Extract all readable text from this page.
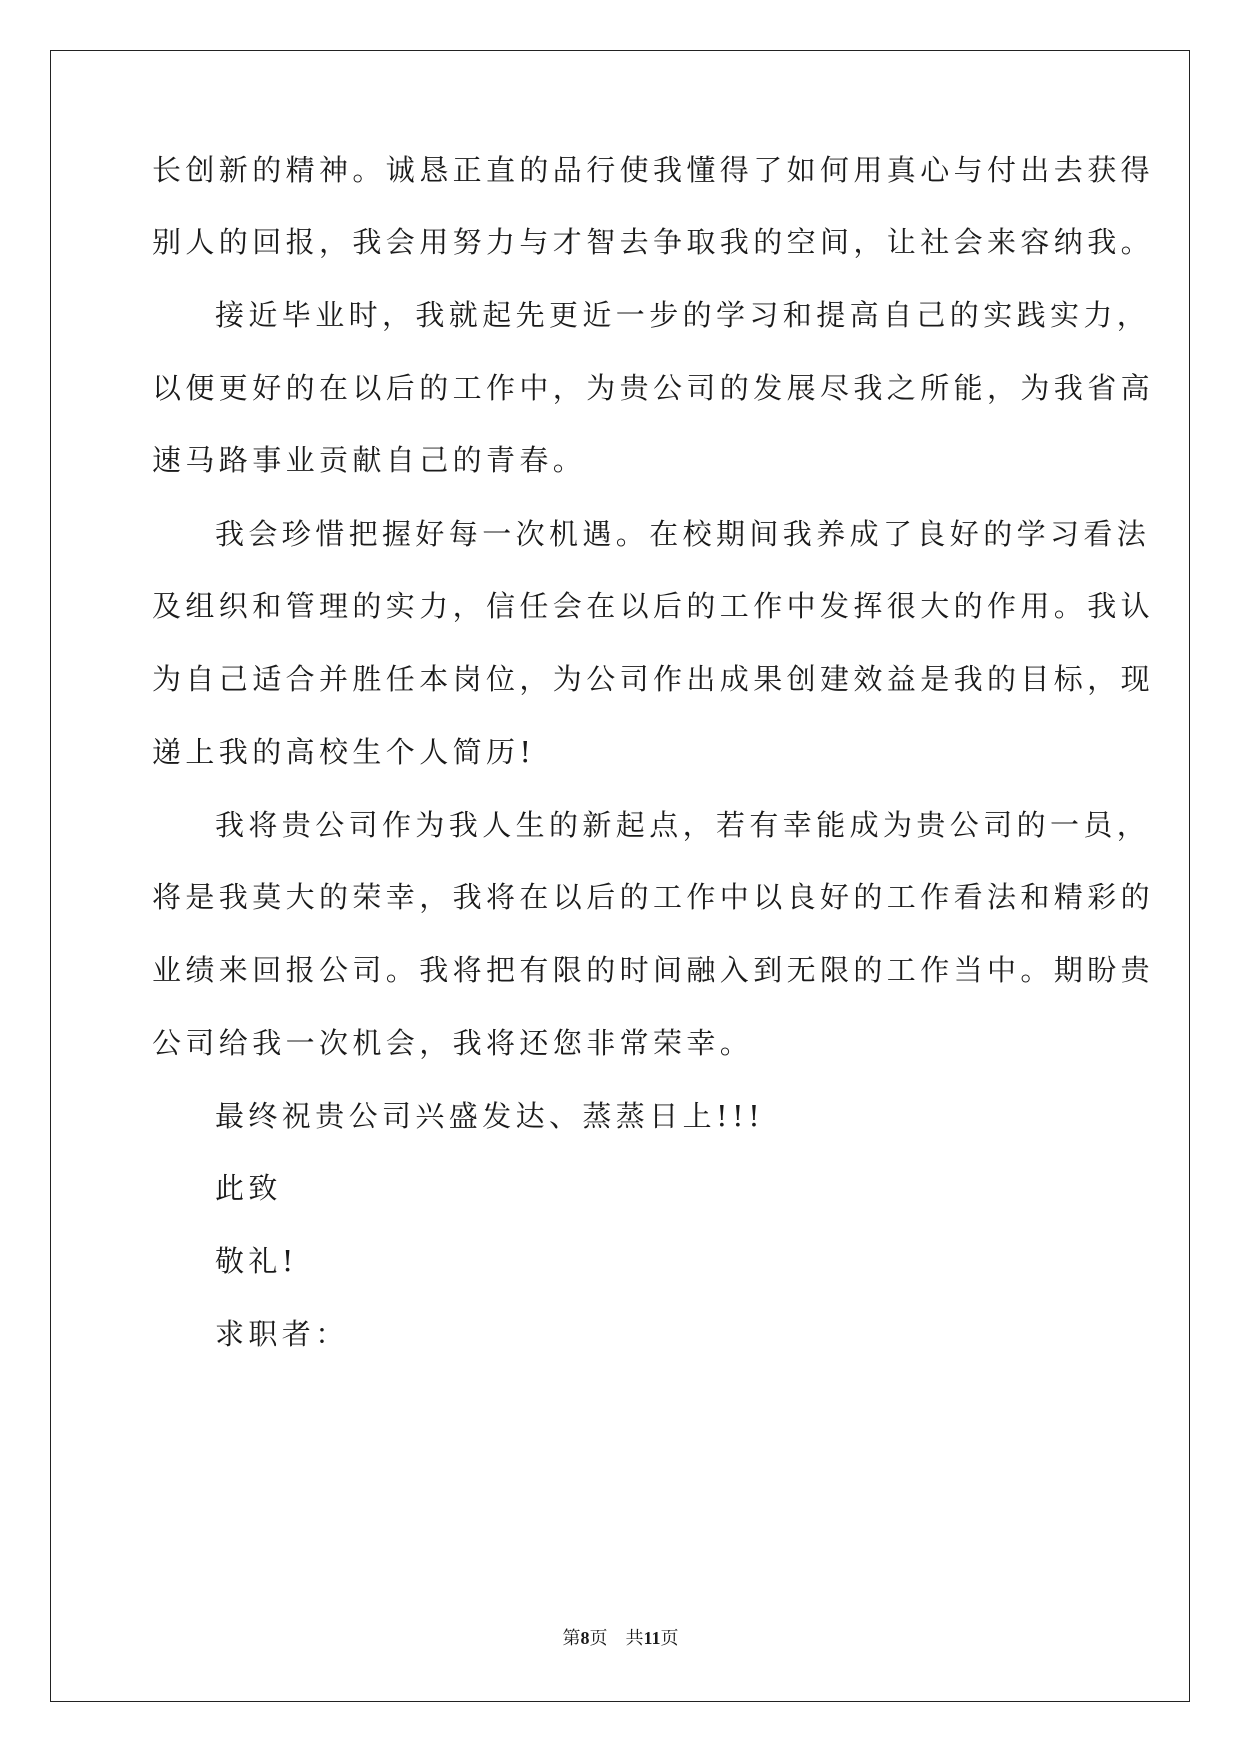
长创新的精神。诚恳正直的品行使我懂得了如何用真心与付出去获得
别人的回报，我会用努力与才智去争取我的空间，让社会来容纳我。
接近毕业时，我就起先更近一步的学习和提高自己的实践实力，
以便更好的在以后的工作中，为贵公司的发展尽我之所能，为我省高
速马路事业贡献自己的青春。
我会珍惜把握好每一次机遇。在校期间我养成了良好的学习看法
及组织和管理的实力，信任会在以后的工作中发挥很大的作用。我认
为自己适合并胜任本岗位，为公司作出成果创建效益是我的目标，现
递上我的高校生个人简历!
我将贵公司作为我人生的新起点，若有幸能成为贵公司的一员，
将是我莫大的荣幸，我将在以后的工作中以良好的工作看法和精彩的
业绩来回报公司。我将把有限的时间融入到无限的工作当中。期盼贵
公司给我一次机会，我将还您非常荣幸。
最终祝贵公司兴盛发达、蒸蒸日上!!!
此致
敬礼!
求职者：
第8页 共11页
